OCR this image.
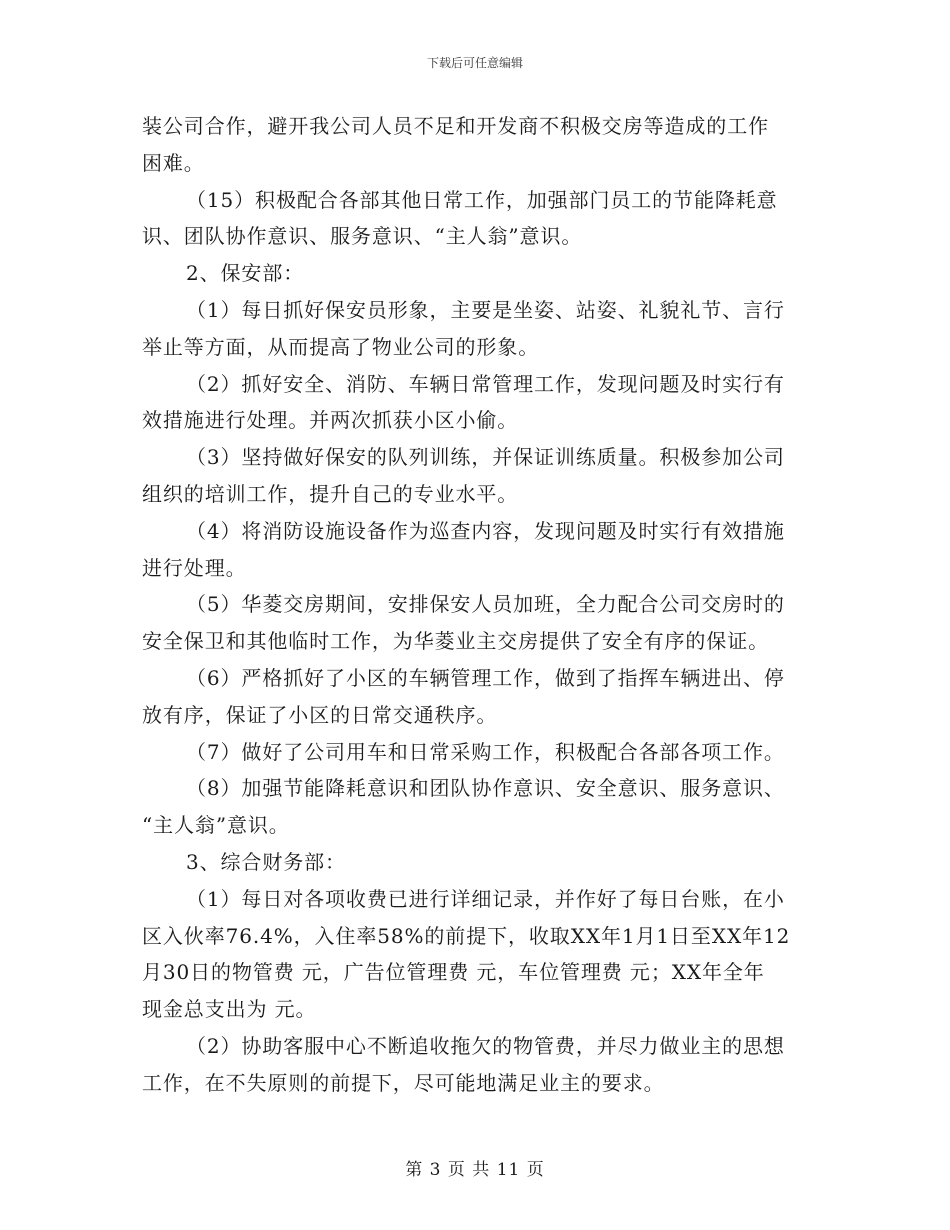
下载后可任意编辑

装公司合作，避开我公司人员不足和开发商不积极交房等造成的工作
困难。

（15）积极配合各部其他日常工作，加强部门员工的节能降耗意
识、团队协作意识、服务意识、“主人翁”意识。

2、保安部：

（1）每日抓好保安员形象，主要是坐姿、站姿、礼貌礼节、言行
举止等方面，从而提高了物业公司的形象。

（2）抓好安全、消防、车辆日常管理工作，发现问题及时实行有
效措施进行处理。并两次抓获小区小偷。

（3）坚持做好保安的队列训练，并保证训练质量。积极参加公司
组织的培训工作，提升自己的专业水平。

（4）将消防设施设备作为巡查内容，发现问题及时实行有效措施
进行处理。

（5）华菱交房期间，安排保安人员加班，全力配合公司交房时的
安全保卫和其他临时工作，为华菱业主交房提供了安全有序的保证。

（6）严格抓好了小区的车辆管理工作，做到了指挥车辆进出、停
放有序，保证了小区的日常交通秩序。

（7）做好了公司用车和日常采购工作，积极配合各部各项工作。

（8）加强节能降耗意识和团队协作意识、安全意识、服务意识、
“主人翁”意识。

3、综合财务部：

（1）每日对各项收费已进行详细记录，并作好了每日台账，在小
区入伙率76.4%，入住率58%的前提下，收取XX年1月1日至XX年12
月30日的物管费 元，广告位管理费 元，车位管理费 元；XX年全年
现金总支出为 元。

（2）协助客服中心不断追收拖欠的物管费，并尽力做业主的思想
工作，在不失原则的前提下，尽可能地满足业主的要求。

第 3 页 共 11 页
